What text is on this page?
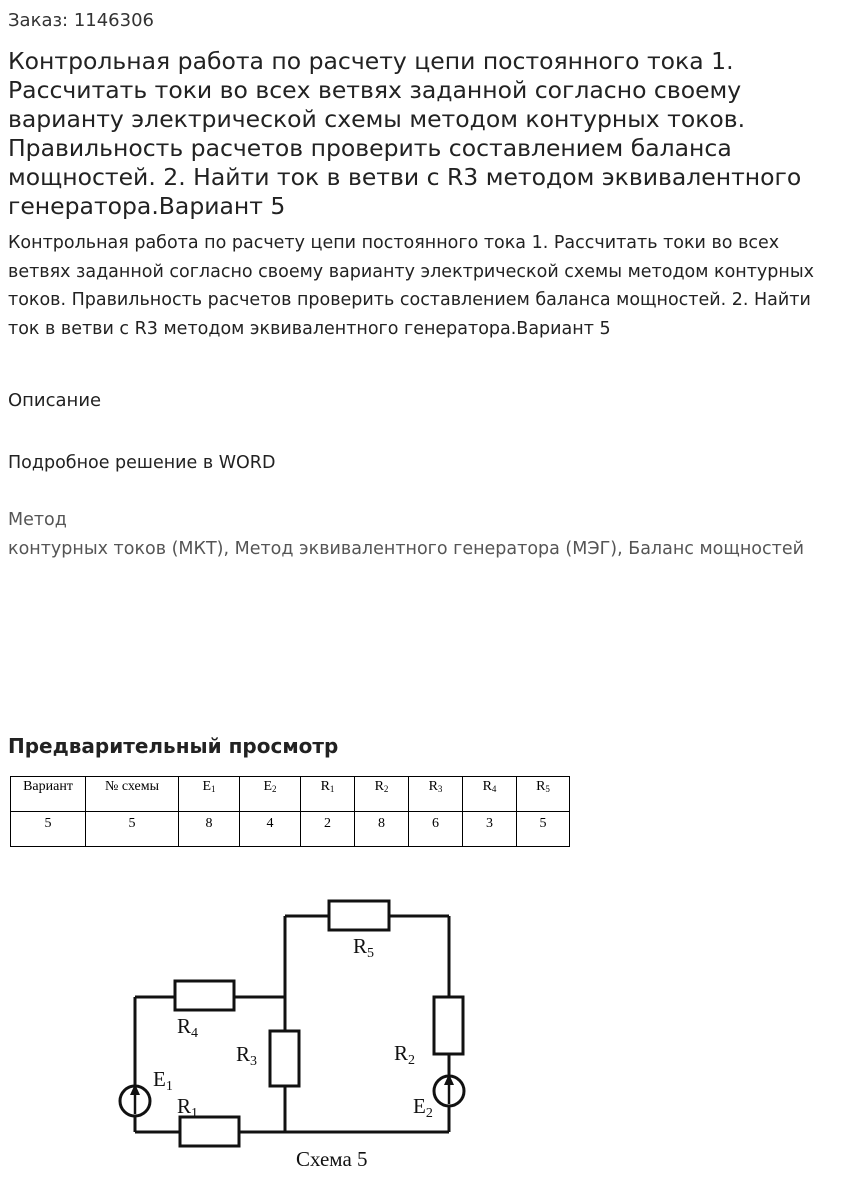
Заказ: 1146306
Контрольная работа по расчету цепи постоянного тока 1. Рассчитать токи во всех ветвях заданной согласно своему варианту электрической схемы методом контурных токов. Правильность расчетов проверить составлением баланса мощностей. 2. Найти ток в ветви с R3 методом эквивалентного генератора.Вариант 5
Контрольная работа по расчету цепи постоянного тока 1. Рассчитать токи во всех ветвях заданной согласно своему варианту электрической схемы методом контурных токов. Правильность расчетов проверить составлением баланса мощностей. 2. Найти ток в ветви с R3 методом эквивалентного генератора.Вариант 5
Описание
Подробное решение в WORD
Метод
контурных токов (МКТ), Метод эквивалентного генератора (МЭГ), Баланс мощностей
Предварительный просмотр
Вариант	№ схемы	$E_1$	$E_2$	$R_1$	$R_2$	$R_3$	$R_4$	$R_5$
5	5	8	4	2	8	6	3	5
R5
R4
R3	R2
R1
E1
E2
Схема 5
